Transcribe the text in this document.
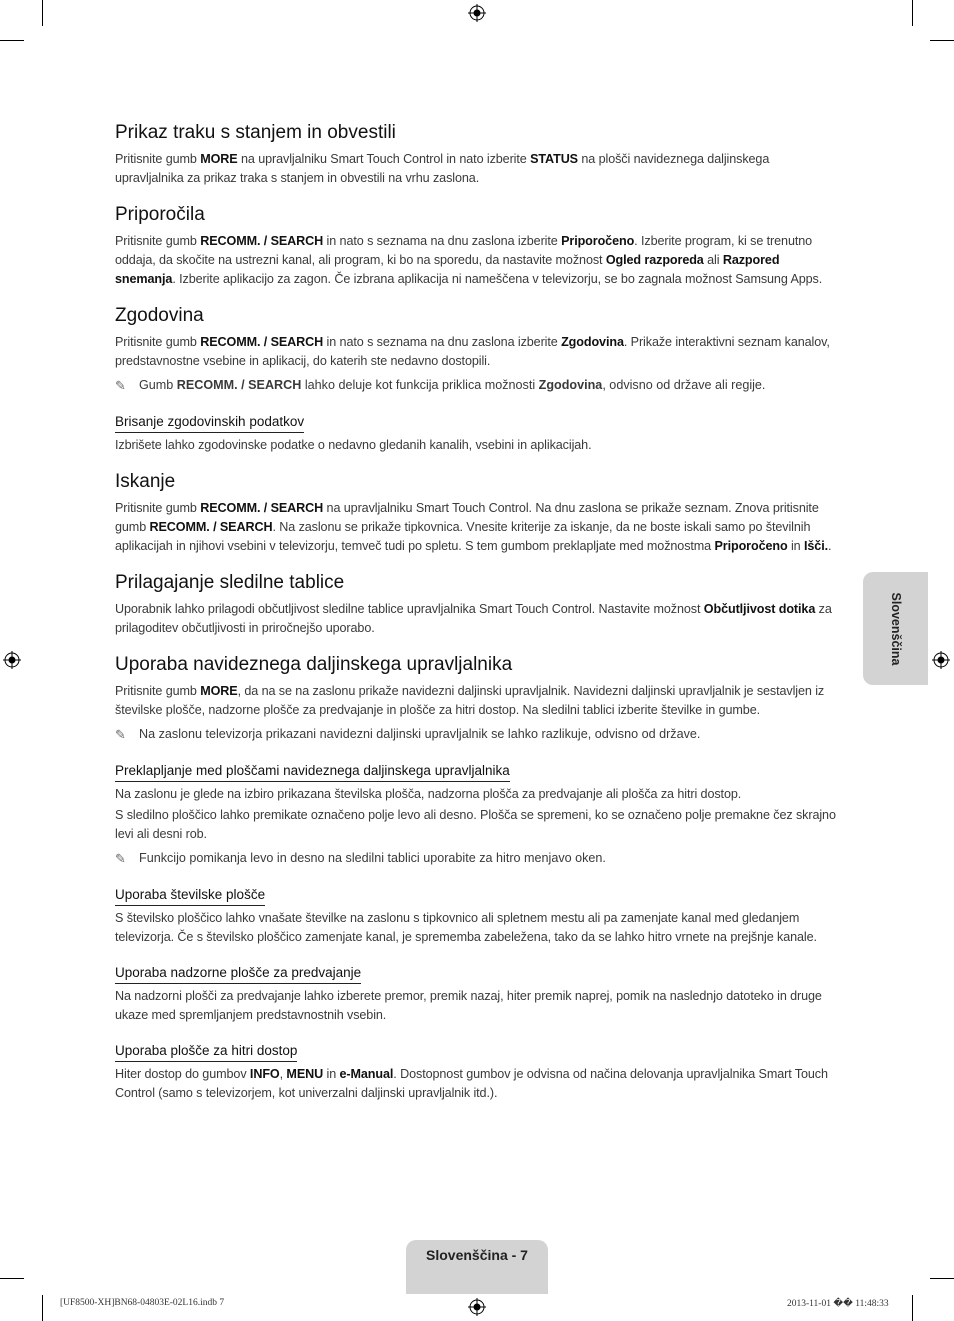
Prikaz traku s stanjem in obvestili

Pritisnite gumb MORE na upravljalniku Smart Touch Control in nato izberite STATUS na plošči navideznega daljinskega upravljalnika za prikaz traka s stanjem in obvestili na vrhu zaslona.

Priporočila

Pritisnite gumb RECOMM. / SEARCH in nato s seznama na dnu zaslona izberite Priporočeno. Izberite program, ki se trenutno oddaja, da skočite na ustrezni kanal, ali program, ki bo na sporedu, da nastavite možnost Ogled razporeda ali Razpored snemanja. Izberite aplikacijo za zagon. Če izbrana aplikacija ni nameščena v televizorju, se bo zagnala možnost Samsung Apps.

Zgodovina

Pritisnite gumb RECOMM. / SEARCH in nato s seznama na dnu zaslona izberite Zgodovina. Prikaže interaktivni seznam kanalov, predstavnostne vsebine in aplikacij, do katerih ste nedavno dostopili.

✎	Gumb RECOMM. / SEARCH lahko deluje kot funkcija priklica možnosti Zgodovina, odvisno od države ali regije.
Brisanje zgodovinskih podatkov

Izbrišete lahko zgodovinske podatke o nedavno gledanih kanalih, vsebini in aplikacijah.

Iskanje

Pritisnite gumb RECOMM. / SEARCH na upravljalniku Smart Touch Control. Na dnu zaslona se prikaže seznam. Znova pritisnite gumb RECOMM. / SEARCH. Na zaslonu se prikaže tipkovnica. Vnesite kriterije za iskanje, da ne boste iskali samo po številnih aplikacijah in njihovi vsebini v televizorju, temveč tudi po spletu. S tem gumbom preklapljate med možnostma Priporočeno in Išči..

Prilagajanje sledilne tablice

Uporabnik lahko prilagodi občutljivost sledilne tablice upravljalnika Smart Touch Control. Nastavite možnost Občutljivost dotika za prilagoditev občutljivosti in priročnejšo uporabo.

Uporaba navideznega daljinskega upravljalnika

Pritisnite gumb MORE, da na se na zaslonu prikaže navidezni daljinski upravljalnik. Navidezni daljinski upravljalnik je sestavljen iz številske plošče, nadzorne plošče za predvajanje in plošče za hitri dostop. Na sledilni tablici izberite številke in gumbe.

✎	Na zaslonu televizorja prikazani navidezni daljinski upravljalnik se lahko razlikuje, odvisno od države.
Preklapljanje med ploščami navideznega daljinskega upravljalnika

Na zaslonu je glede na izbiro prikazana številska plošča, nadzorna plošča za predvajanje ali plošča za hitri dostop.

S sledilno ploščico lahko premikate označeno polje levo ali desno. Plošča se spremeni, ko se označeno polje premakne čez skrajno levi ali desni rob.

✎	Funkcijo pomikanja levo in desno na sledilni tablici uporabite za hitro menjavo oken.
Uporaba številske plošče

S številsko ploščico lahko vnašate številke na zaslonu s tipkovnico ali spletnem mestu ali pa zamenjate kanal med gledanjem televizorja. Če s številsko ploščico zamenjate kanal, je sprememba zabeležena, tako da se lahko hitro vrnete na prejšnje kanale.

Uporaba nadzorne plošče za predvajanje

Na nadzorni plošči za predvajanje lahko izberete premor, premik nazaj, hiter premik naprej, pomik na naslednjo datoteko in druge ukaze med spremljanjem predstavnostnih vsebin.

Uporaba plošče za hitri dostop

Hiter dostop do gumbov INFO, MENU in e-Manual. Dostopnost gumbov je odvisna od načina delovanja upravljalnika Smart Touch Control (samo s televizorjem, kot univerzalni daljinski upravljalnik itd.).

Slovenščina
Slovenščina - 7
[UF8500-XH]BN68-04803E-02L16.indb 7	2013-11-01 �� 11:48:33
